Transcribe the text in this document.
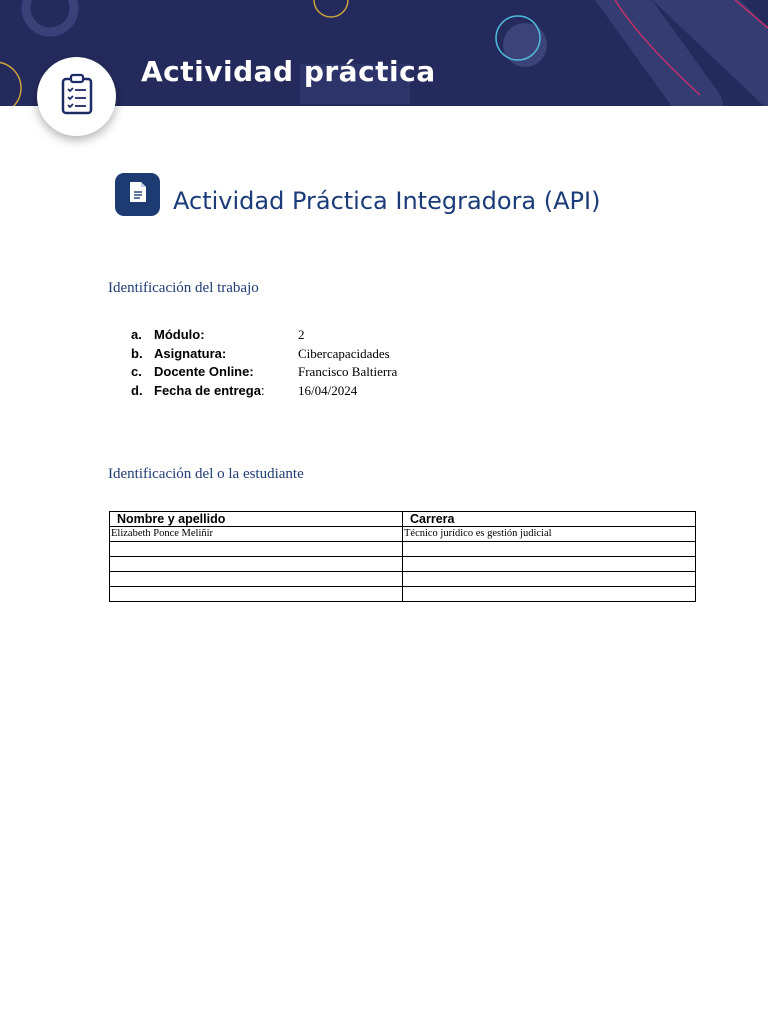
Actividad práctica
Actividad Práctica Integradora (API)
Identificación del trabajo
a. Módulo:	2
b. Asignatura:	Cibercapacidades
c. Docente Online:	Francisco Baltierra
d. Fecha de entrega:	16/04/2024
Identificación del o la estudiante
Nombre y apellido	Carrera
Elizabeth Ponce Meliñir	Técnico jurídico es gestión judicial
